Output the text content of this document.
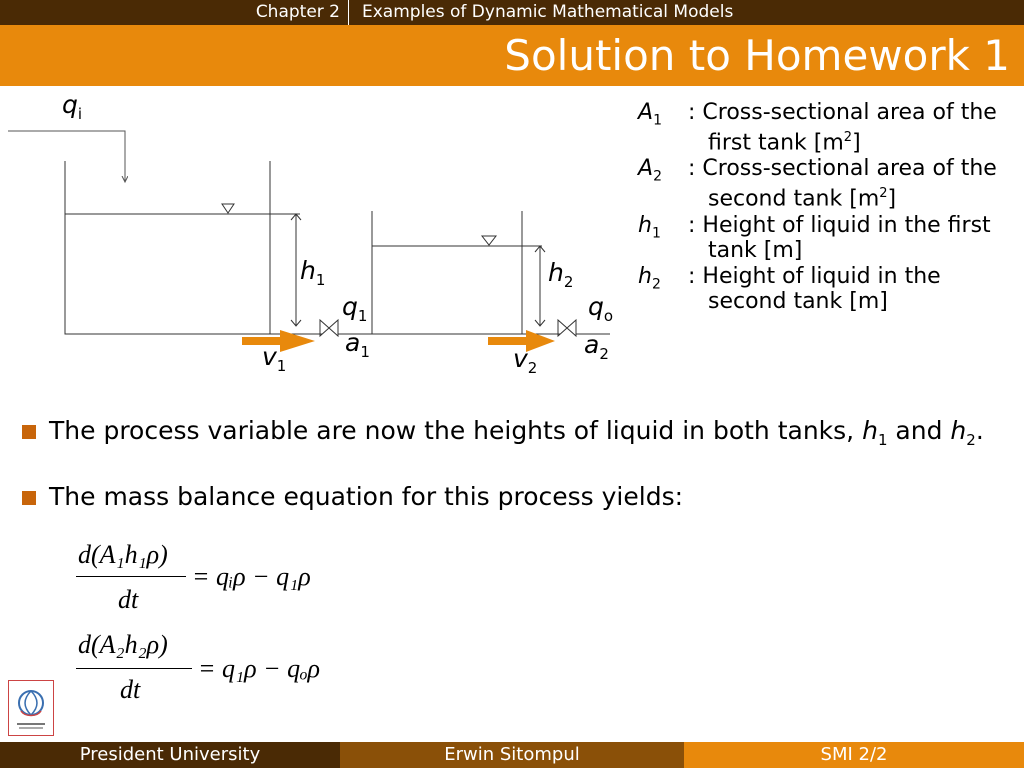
Chapter 2	Examples of Dynamic Mathematical Models
Solution to Homework 1
$q_i$
$h_1$	$h_2$
$q_1$	$q_o$
$a_1$	$a_2$
$v_1$	$v_2$
$A_1$	: Cross-sectional area of the first tank $[m^2]$
$A_2$	: Cross-sectional area of the second tank $[m^2]$
$h_1$	: Height of liquid in the first tank [m]
$h_2$	: Height of liquid in the second tank [m]
The process variable are now the heights of liquid in both tanks, $h_1$ and $h_2$.
The mass balance equation for this process yields:
d(A₁h₁ρ)
dt
= qᵢρ − q₁ρ
d(A₂h₂ρ)
dt
= q₁ρ − qₒρ
President University	Erwin Sitompul	SMI 2/2
